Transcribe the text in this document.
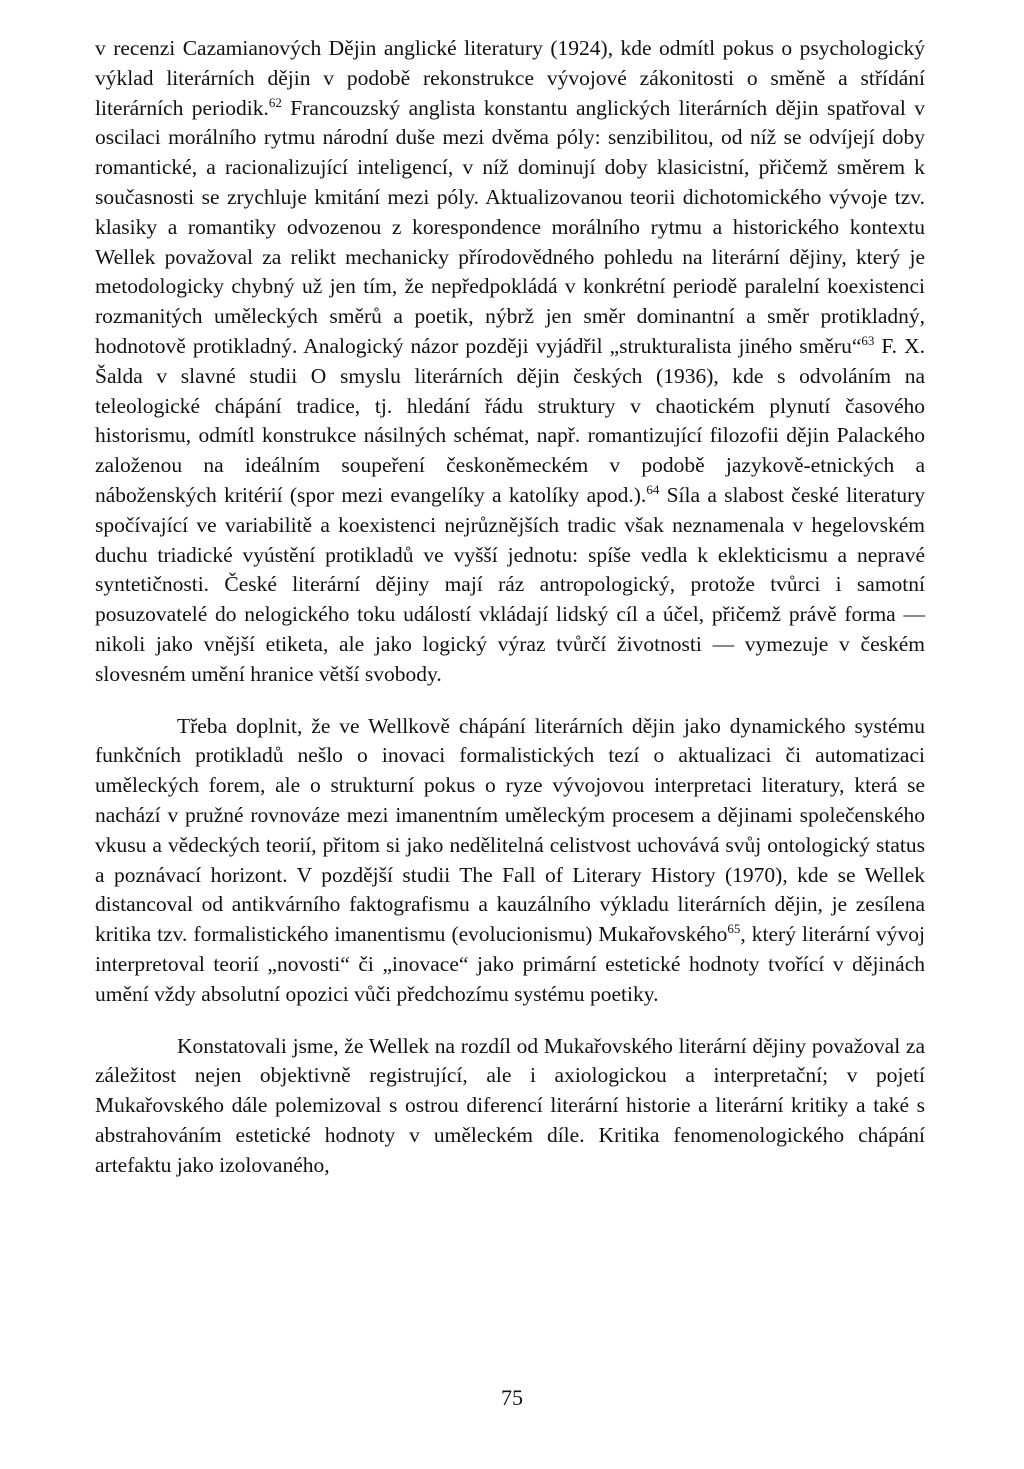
v recenzi Cazamianových Dějin anglické literatury (1924), kde odmítl pokus o psychologický výklad literárních dějin v podobě rekonstrukce vývojové zákonitosti o směně a střídání literárních periodik.$^{62}$ Francouzský anglista konstantu anglických literárních dějin spatřoval v oscilaci morálního rytmu národní duše mezi dvěma póly: senzibilitou, od níž se odvíjejí doby romantické, a racionalizující inteligencí, v níž dominují doby klasicistní, přičemž směrem k současnosti se zrychluje kmitání mezi póly. Aktualizovanou teorii dichotomického vývoje tzv. klasiky a romantiky odvozenou z korespondence morálního rytmu a historického kontextu Wellek považoval za relikt mechanicky přírodovědného pohledu na literární dějiny, který je metodologicky chybný už jen tím, že nepředpokládá v konkrétní periodě paralelní koexistenci rozmanitých uměleckých směrů a poetik, nýbrž jen směr dominantní a směr protikladný, hodnotově protikladný. Analogický názor později vyjádřil „strukturalista jiného směru“$^{63}$ F. X. Šalda v slavné studii O smyslu literárních dějin českých (1936), kde s odvoláním na teleologické chápání tradice, tj. hledání řádu struktury v chaotickém plynutí časového historismu, odmítl konstrukce násilných schémat, např. romantizující filozofii dějin Palackého založenou na ideálním soupeření českoněmeckém v podobě jazykově-etnických a náboženských kritérií (spor mezi evangelíky a katolíky apod.).$^{64}$ Síla a slabost české literatury spočívající ve variabilitě a koexistenci nejrůznějších tradic však neznamenala v hegelovském duchu triadické vyústění protikladů ve vyšší jednotu: spíše vedla k eklekticismu a nepravé syntetičnosti. České literární dějiny mají ráz antropologický, protože tvůrci i samotní posuzovatelé do nelogického toku událostí vkládají lidský cíl a účel, přičemž právě forma — nikoli jako vnější etiketa, ale jako logický výraz tvůrčí životnosti — vymezuje v českém slovesném umění hranice větší svobody.

Třeba doplnit, že ve Wellkově chápání literárních dějin jako dynamického systému funkčních protikladů nešlo o inovaci formalistických tezí o aktualizaci či automatizaci uměleckých forem, ale o strukturní pokus o ryze vývojovou interpretaci literatury, která se nachází v pružné rovnováze mezi imanentním uměleckým procesem a dějinami společenského vkusu a vědeckých teorií, přitom si jako nedělitelná celistvost uchovává svůj ontologický status a poznávací horizont. V pozdější studii The Fall of Literary History (1970), kde se Wellek distancoval od antikvárního faktografismu a kauzálního výkladu literárních dějin, je zesílena kritika tzv. formalistického imanentismu (evolucionismu) Mukařovského$^{65}$, který literární vývoj interpretoval teorií „novosti“ či „inovace“ jako primární estetické hodnoty tvořící v dějinách umění vždy absolutní opozici vůči předchozímu systému poetiky.

Konstatovali jsme, že Wellek na rozdíl od Mukařovského literární dějiny považoval za záležitost nejen objektivně registrující, ale i axiologickou a interpretační; v pojetí Mukařovského dále polemizoval s ostrou diferencí literární historie a literární kritiky a také s abstrahováním estetické hodnoty v uměleckém díle. Kritika fenomenologického chápání artefaktu jako izolovaného,

75
